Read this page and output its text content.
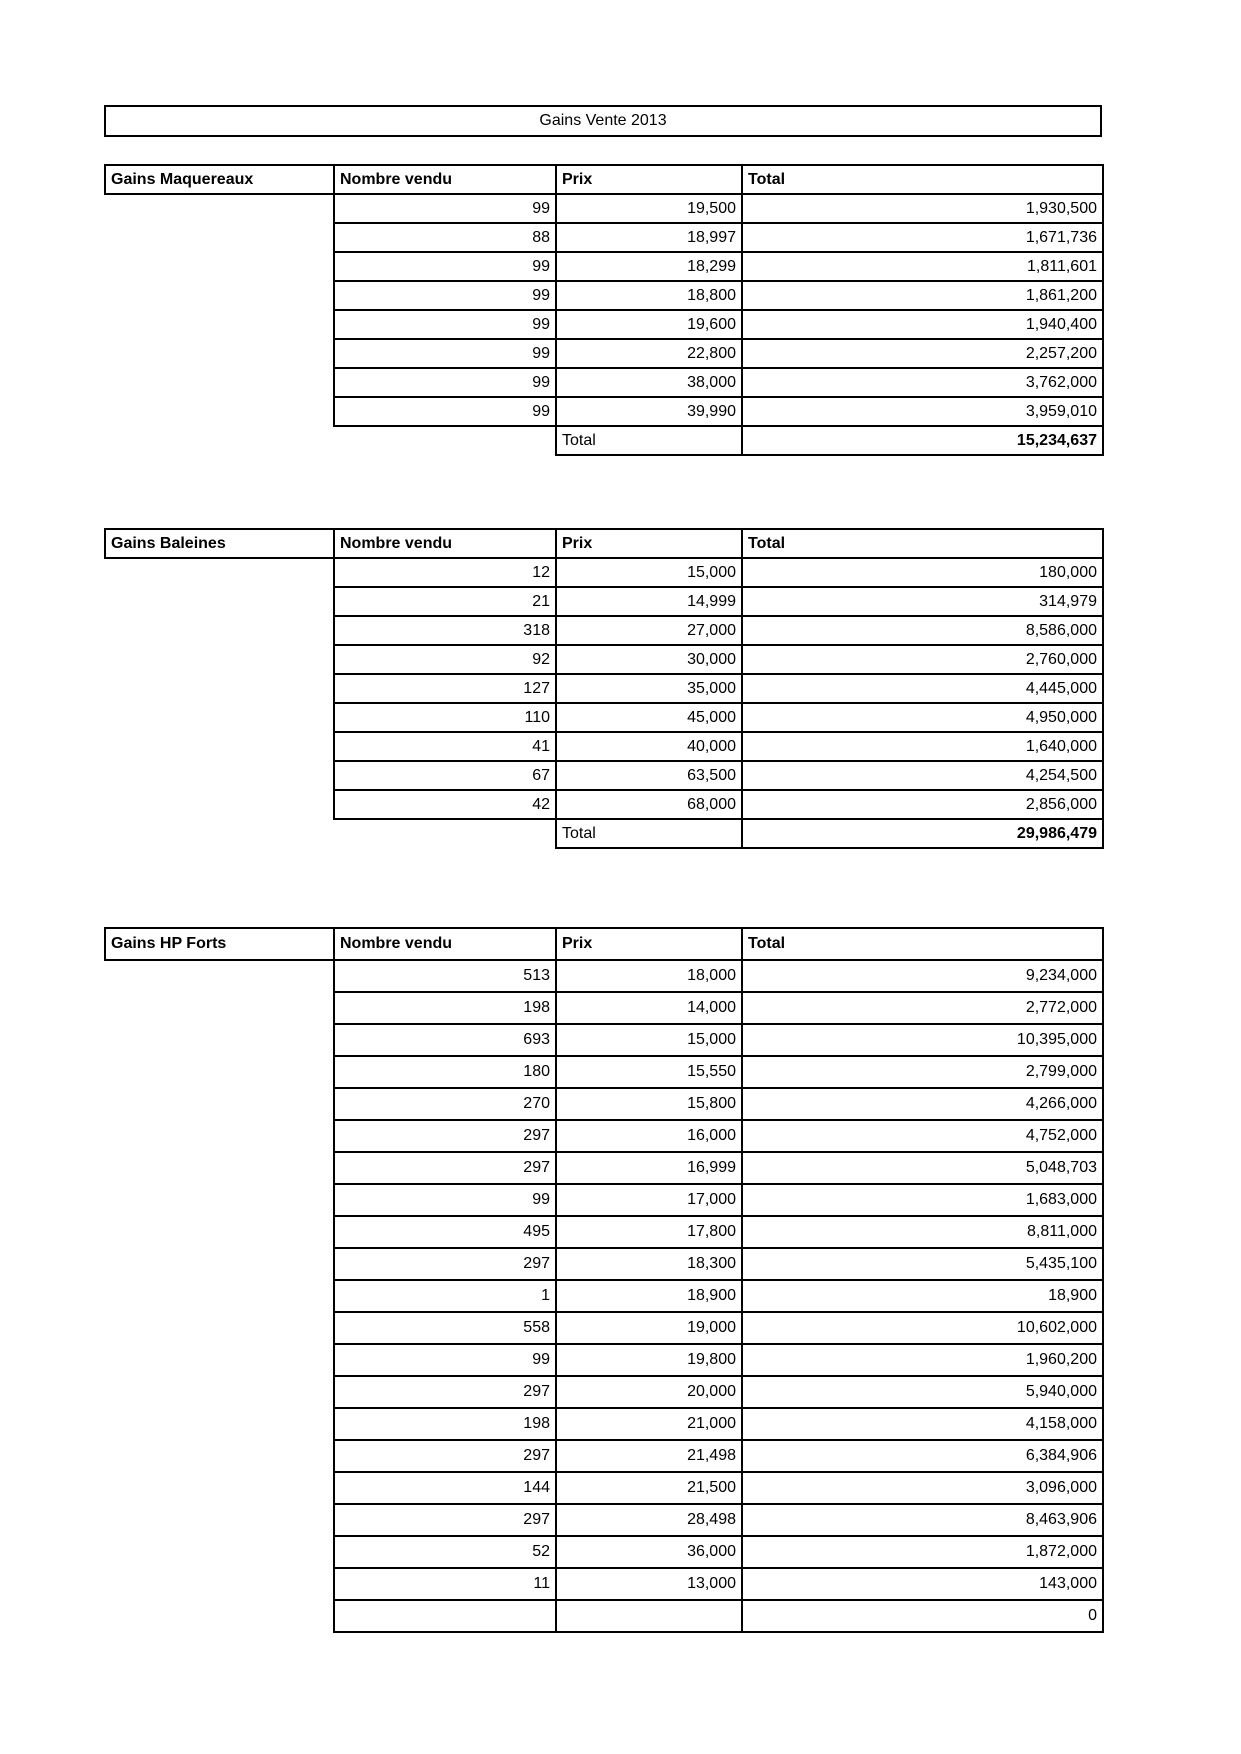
Gains Vente 2013
Gains Maquereaux	Nombre vendu	Prix	Total
	99	19,500	1,930,500
	88	18,997	1,671,736
	99	18,299	1,811,601
	99	18,800	1,861,200
	99	19,600	1,940,400
	99	22,800	2,257,200
	99	38,000	3,762,000
	99	39,990	3,959,010
		Total	15,234,637
Gains Baleines	Nombre vendu	Prix	Total
	12	15,000	180,000
	21	14,999	314,979
	318	27,000	8,586,000
	92	30,000	2,760,000
	127	35,000	4,445,000
	110	45,000	4,950,000
	41	40,000	1,640,000
	67	63,500	4,254,500
	42	68,000	2,856,000
		Total	29,986,479
Gains HP Forts	Nombre vendu	Prix	Total
	513	18,000	9,234,000
	198	14,000	2,772,000
	693	15,000	10,395,000
	180	15,550	2,799,000
	270	15,800	4,266,000
	297	16,000	4,752,000
	297	16,999	5,048,703
	99	17,000	1,683,000
	495	17,800	8,811,000
	297	18,300	5,435,100
	1	18,900	18,900
	558	19,000	10,602,000
	99	19,800	1,960,200
	297	20,000	5,940,000
	198	21,000	4,158,000
	297	21,498	6,384,906
	144	21,500	3,096,000
	297	28,498	8,463,906
	52	36,000	1,872,000
	11	13,000	143,000
			0
